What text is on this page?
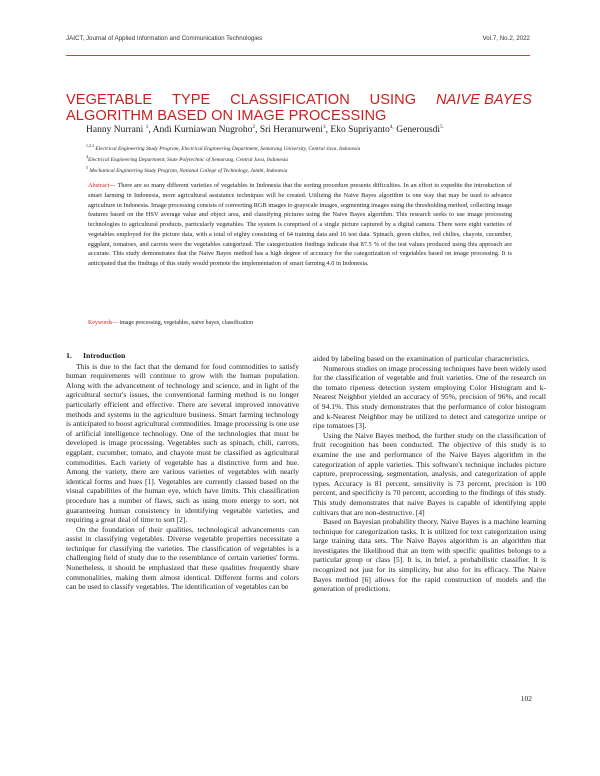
JAICT, Journal of Applied Information and Communication Technologies	Vol.7, No.2, 2022
VEGETABLE TYPE CLASSIFICATION USING NAIVE BAYES
ALGORITHM BASED ON IMAGE PROCESSING
Hanny Nurrani $^1$, Andi Kurniawan Nugroho$^2$, Sri Heranurweni$^3$, Eko Supriyanto$^{4,}$ Generousdi$^5$
$^{1,2,3}$ Electrical Engineering Study Program, Electrical Engineering Department, Semarang University, Central Java, Indonesia
$^4$Electrical Engineering Department, State Polytechnic of Semarang, Central Java, Indonesia
$^5$ Mechanical Engineering Study Program, National College of Technology, Jambi, Indonesia
Abstract— There are so many different varieties of vegetables in Indonesia that the sorting procedure presents difficulties. In an effort to expedite the introduction of smart farming in Indonesia, more agricultural assistance techniques will be created. Utilizing the Naive Bayes algorithm is one way that may be used to advance agriculture in Indonesia. Image processing consists of converting RGB images to grayscale images, segmenting images using the thresholding method, collecting image features based on the HSV average value and object area, and classifying pictures using the Naive Bayes algorithm. This research seeks to use image processing technologies to agricultural products, particularly vegetables. The system is comprised of a single picture captured by a digital camera. There were eight varieties of vegetables employed for the picture data, with a total of eighty consisting of 64 training data and 16 test data. Spinach, green chilies, red chilies, chayote, cucumber, eggplant, tomatoes, and carrots were the vegetables categorized. The categorization findings indicate that 87.5 % of the test values produced using this approach are accurate. This study demonstrates that the Naive Bayes method has a high degree of accuracy for the categorization of vegetables based on image processing. It is anticipated that the findings of this study would promote the implementation of smart farming 4.0 in Indonesia.
Keywords— image processing, vegetables, naive bayes, classification
1. Introduction

This is due to the fact that the demand for food commodities to satisfy human requirements will continue to grow with the human population. Along with the advancement of technology and science, and in light of the agricultural sector's issues, the conventional farming method is no longer particularly efficient and effective. There are several improved innovative methods and systems in the agriculture business. Smart farming technology is anticipated to boost agricultural commodities. Image processing is one use of artificial intelligence technology. One of the technologies that must be developed is image processing. Vegetables such as spinach, chili, carrots, eggplant, cucumber, tomato, and chayote must be classified as agricultural commodities. Each variety of vegetable has a distinctive form and hue. Among the variety, there are various varieties of vegetables with nearly identical forms and hues [1]. Vegetables are currently classed based on the visual capabilities of the human eye, which have limits. This classification procedure has a number of flaws, such as using more energy to sort, not guaranteeing human consistency in identifying vegetable varieties, and requiring a great deal of time to sort [2].

On the foundation of their qualities, technological advancements can assist in classifying vegetables. Diverse vegetable properties necessitate a technique for classifying the varieties. The classification of vegetables is a challenging field of study due to the resemblance of certain varieties' forms. Nonetheless, it should be emphasized that these qualities frequently share commonalities, making them almost identical. Different forms and colors can be used to classify vegetables. The identification of vegetables can be

aided by labeling based on the examination of particular characteristics.

Numerous studies on image processing techniques have been widely used for the classification of vegetable and fruit varieties. One of the research on the tomato ripeness detection system employing Color Histogram and k-Nearest Neighbor yielded an accuracy of 95%, precision of 96%, and recall of 94.1%. This study demonstrates that the performance of color histogram and k-Nearest Neighbor may be utilized to detect and categorize unripe or ripe tomatoes [3].

Using the Naive Bayes method, the further study on the classification of fruit recognition has been conducted. The objective of this study is to examine the use and performance of the Naive Bayes algorithm in the categorization of apple varieties. This software's technique includes picture capture, preprocessing, segmentation, analysis, and categorization of apple types. Accuracy is 81 percent, sensitivity is 73 percent, precision is 100 percent, and specificity is 70 percent, according to the findings of this study. This study demonstrates that naive Bayes is capable of identifying apple cultivars that are non-destructive. [4]

Based on Bayesian probability theory, Naive Bayes is a machine learning technique for categorization tasks. It is utilized for text categorization using large training data sets. The Naive Bayes algorithm is an algorithm that investigates the likelihood that an item with specific qualities belongs to a particular group or class [5]. It is, in brief, a probabilistic classifier. It is recognized not just for its simplicity, but also for its efficacy. The Naive Bayes method [6] allows for the rapid construction of models and the generation of predictions.

102
